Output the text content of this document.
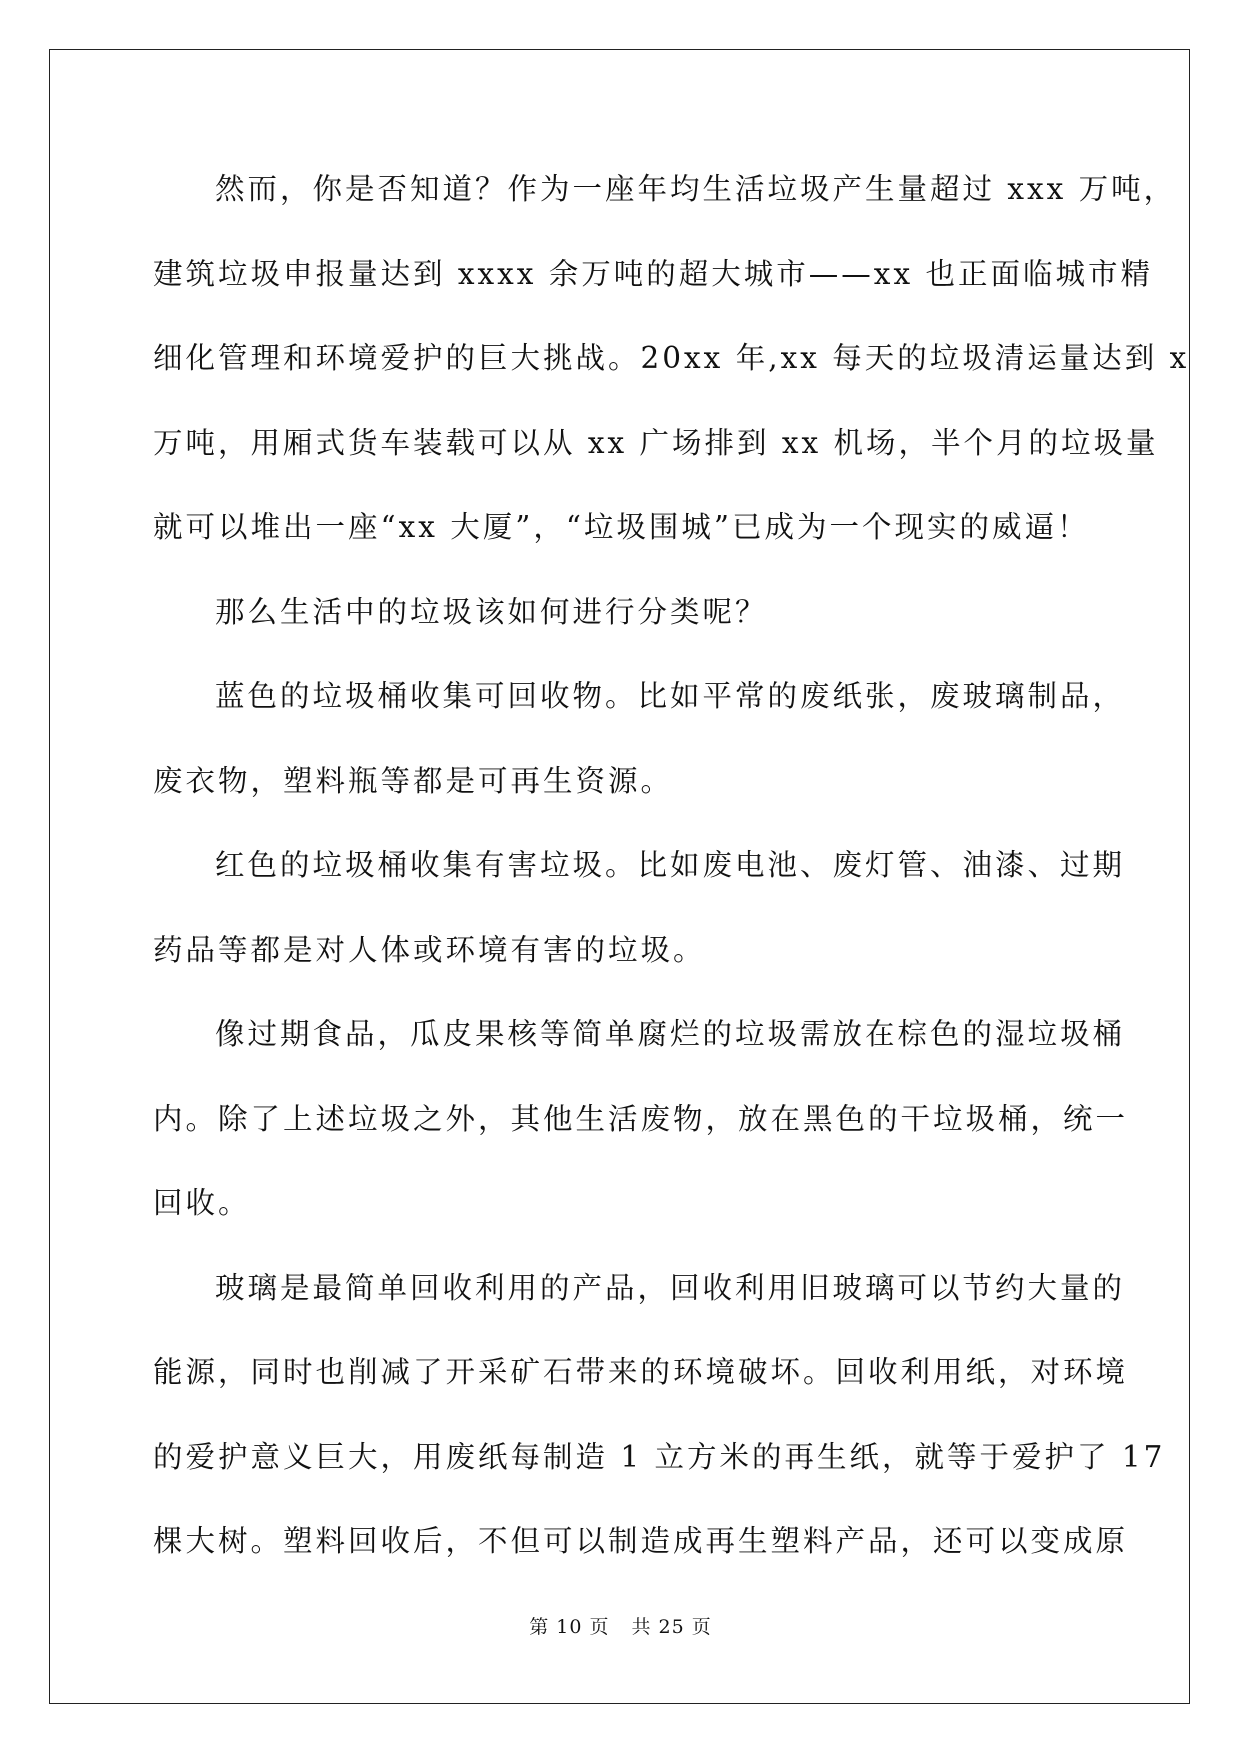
然而，你是否知道？作为一座年均生活垃圾产生量超过 xxx 万吨，
建筑垃圾申报量达到 xxxx 余万吨的超大城市——xx 也正面临城市精
细化管理和环境爱护的巨大挑战。20xx 年,xx 每天的垃圾清运量达到 x
万吨，用厢式货车装载可以从 xx 广场排到 xx 机场，半个月的垃圾量
就可以堆出一座“xx 大厦”，“垃圾围城”已成为一个现实的威逼！

那么生活中的垃圾该如何进行分类呢？

蓝色的垃圾桶收集可回收物。比如平常的废纸张，废玻璃制品，
废衣物，塑料瓶等都是可再生资源。

红色的垃圾桶收集有害垃圾。比如废电池、废灯管、油漆、过期
药品等都是对人体或环境有害的垃圾。

像过期食品，瓜皮果核等简单腐烂的垃圾需放在棕色的湿垃圾桶
内。除了上述垃圾之外，其他生活废物，放在黑色的干垃圾桶，统一
回收。

玻璃是最简单回收利用的产品，回收利用旧玻璃可以节约大量的
能源，同时也削减了开采矿石带来的环境破坏。回收利用纸，对环境
的爱护意义巨大，用废纸每制造 1 立方米的再生纸，就等于爱护了 17
棵大树。塑料回收后，不但可以制造成再生塑料产品，还可以变成原

第 10 页 共 25 页
